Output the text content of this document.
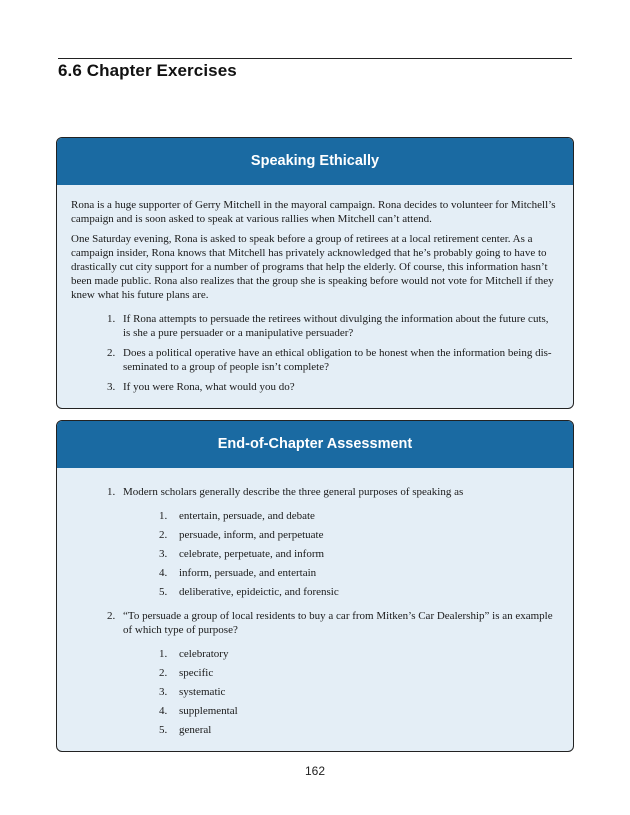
6.6 Chapter Exercises
Speaking Ethically

Rona is a huge supporter of Gerry Mitchell in the mayoral campaign. Rona decides to volunteer for Mitchell’s campaign and is soon asked to speak at various rallies when Mitchell can’t attend.

One Saturday evening, Rona is asked to speak before a group of retirees at a local retirement center. As a campaign insider, Rona knows that Mitchell has privately acknowledged that he’s probably going to have to drastically cut city support for a number of programs that help the elderly. Of course, this information hasn’t been made public. Rona also realizes that the group she is speaking before would not vote for Mitchell if they knew what his future plans are.

1. If Rona attempts to persuade the retirees without divulging the information about the future cuts, is she a pure persuader or a manipulative persuader?
2. Does a political operative have an ethical obligation to be honest when the information being dis- seminated to a group of people isn’t complete?
3. If you were Rona, what would you do?
End-of-Chapter Assessment
1. Modern scholars generally describe the three general purposes of speaking as
1. entertain, persuade, and debate
2. persuade, inform, and perpetuate
3. celebrate, perpetuate, and inform
4. inform, persuade, and entertain
5. deliberative, epideictic, and forensic
2. “To persuade a group of local residents to buy a car from Mitken’s Car Dealership” is an example of which type of purpose?
1. celebratory
2. specific
3. systematic
4. supplemental
5. general
162
